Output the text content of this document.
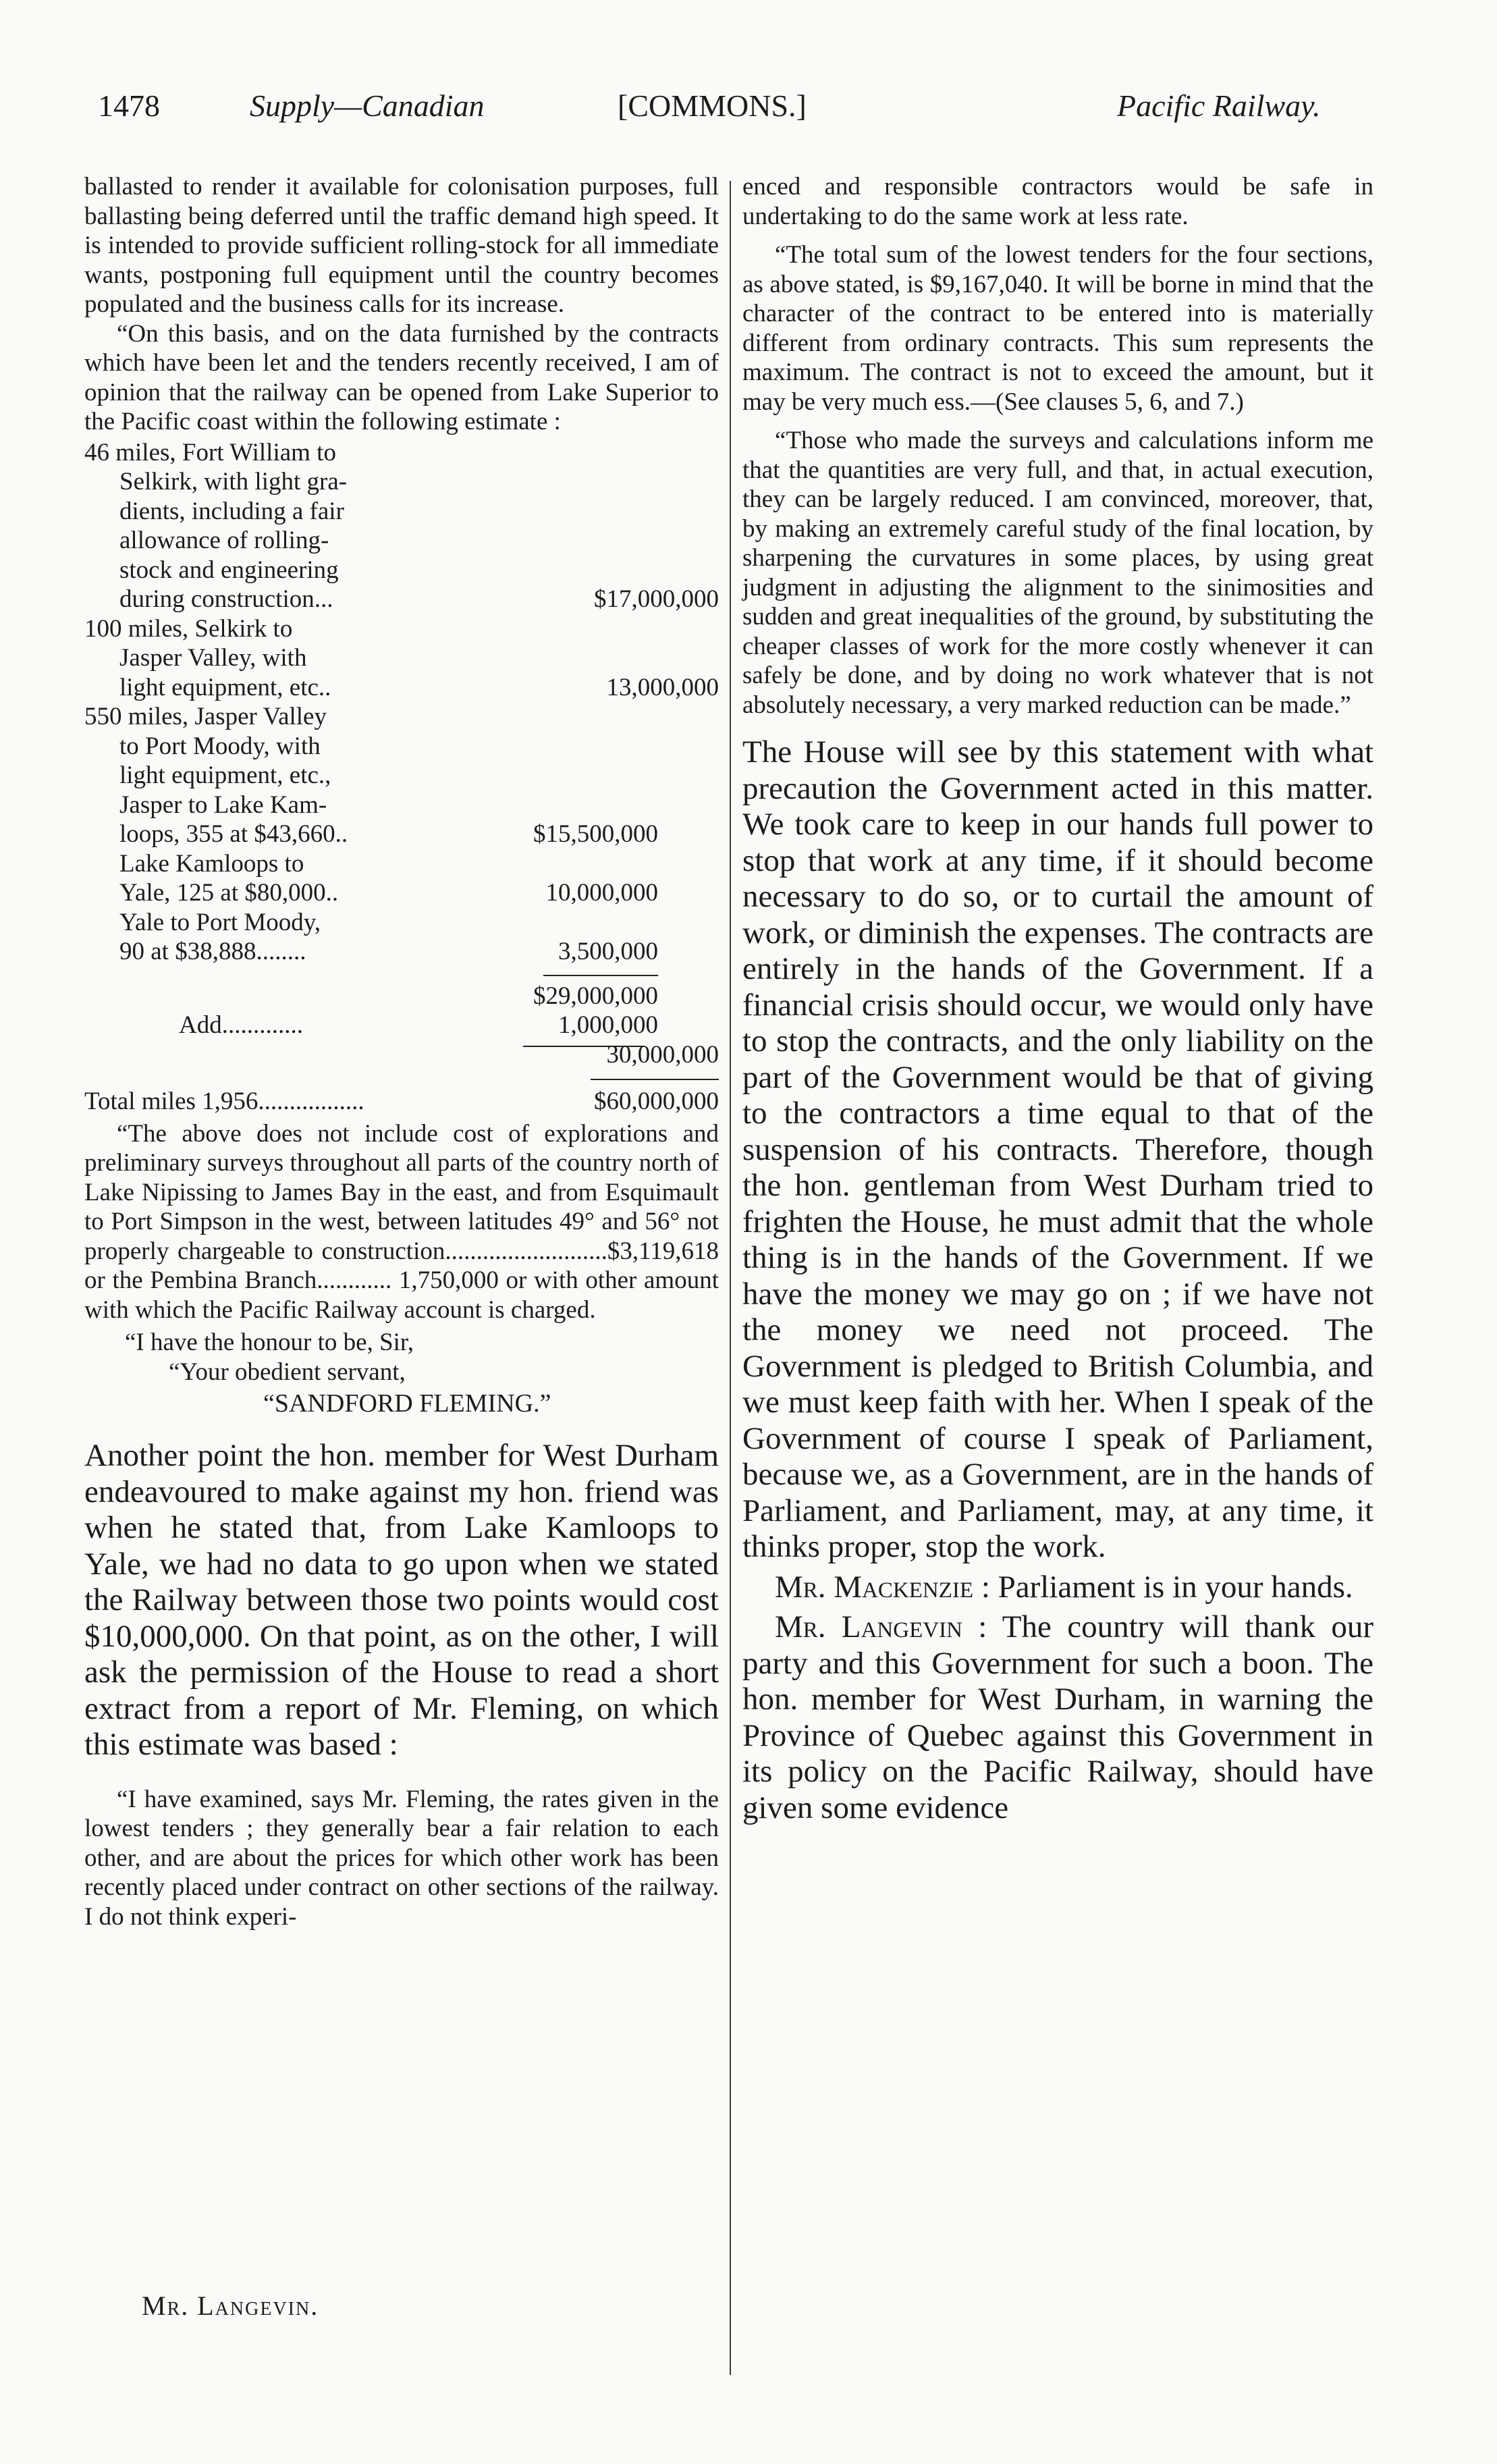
1478	Supply—Canadian	[COMMONS.]	Pacific Railway.

ballasted to render it available for colonisation purposes, full ballasting being deferred until the traffic demand high speed. It is intended to provide sufficient rolling-stock for all immediate wants, postponing full equipment until the country becomes populated and the business calls for its increase.

“On this basis, and on the data furnished by the contracts which have been let and the tenders recently received, I am of opinion that the railway can be opened from Lake Superior to the Pacific coast within the following estimate :

46 miles, Fort William to
Selkirk, with light gra-
dients, including a fair
allowance of rolling-
stock and engineering
during construction...	$17,000,000
100 miles, Selkirk to
Jasper Valley, with
light equipment, etc..	13,000,000
550 miles, Jasper Valley
to Port Moody, with
light equipment, etc.,
Jasper to Lake Kam-
loops, 355 at $43,660..	$15,500,000
Lake Kamloops to
Yale, 125 at $80,000..	10,000,000
Yale to Port Moody,
90 at $38,888........	3,500,000
$29,000,000
Add.............	1,000,000
30,000,000
Total miles 1,956.................	$60,000,000

“The above does not include cost of explorations and preliminary surveys throughout all parts of the country north of Lake Nipissing to James Bay in the east, and from Esquimault to Port Simpson in the west, between latitudes 49° and 56° not properly chargeable to construction..........................$3,119,618 or the Pembina Branch............ 1,750,000 or with other amount with which the Pacific Railway account is charged.

“I have the honour to be, Sir,
“Your obedient servant,
“SANDFORD FLEMING.”

Another point the hon. member for West Durham endeavoured to make against my hon. friend was when he stated that, from Lake Kamloops to Yale, we had no data to go upon when we stated the Railway between those two points would cost $10,000,000. On that point, as on the other, I will ask the permission of the House to read a short extract from a report of Mr. Fleming, on which this estimate was based :

“I have examined, says Mr. Fleming, the rates given in the lowest tenders ; they generally bear a fair relation to each other, and are about the prices for which other work has been recently placed under contract on other sections of the railway. I do not think experi-

Mr. Langevin.

enced and responsible contractors would be safe in undertaking to do the same work at less rate.

“The total sum of the lowest tenders for the four sections, as above stated, is $9,167,040. It will be borne in mind that the character of the contract to be entered into is materially different from ordinary contracts. This sum represents the maximum. The contract is not to exceed the amount, but it may be very much ess.—(See clauses 5, 6, and 7.)

“Those who made the surveys and calculations inform me that the quantities are very full, and that, in actual execution, they can be largely reduced. I am convinced, moreover, that, by making an extremely careful study of the final location, by sharpening the curvatures in some places, by using great judgment in adjusting the alignment to the sinimosities and sudden and great inequalities of the ground, by substituting the cheaper classes of work for the more costly whenever it can safely be done, and by doing no work whatever that is not absolutely necessary, a very marked reduction can be made.”

The House will see by this statement with what precaution the Government acted in this matter. We took care to keep in our hands full power to stop that work at any time, if it should become necessary to do so, or to curtail the amount of work, or diminish the expenses. The contracts are entirely in the hands of the Government. If a financial crisis should occur, we would only have to stop the contracts, and the only liability on the part of the Government would be that of giving to the contractors a time equal to that of the suspension of his contracts. Therefore, though the hon. gentleman from West Durham tried to frighten the House, he must admit that the whole thing is in the hands of the Government. If we have the money we may go on ; if we have not the money we need not proceed. The Government is pledged to British Columbia, and we must keep faith with her. When I speak of the Government of course I speak of Parliament, because we, as a Government, are in the hands of Parliament, and Parliament, may, at any time, it thinks proper, stop the work.

Mr. Mackenzie : Parliament is in your hands.

Mr. Langevin : The country will thank our party and this Government for such a boon. The hon. member for West Durham, in warning the Province of Quebec against this Government in its policy on the Pacific Railway, should have given some evidence
